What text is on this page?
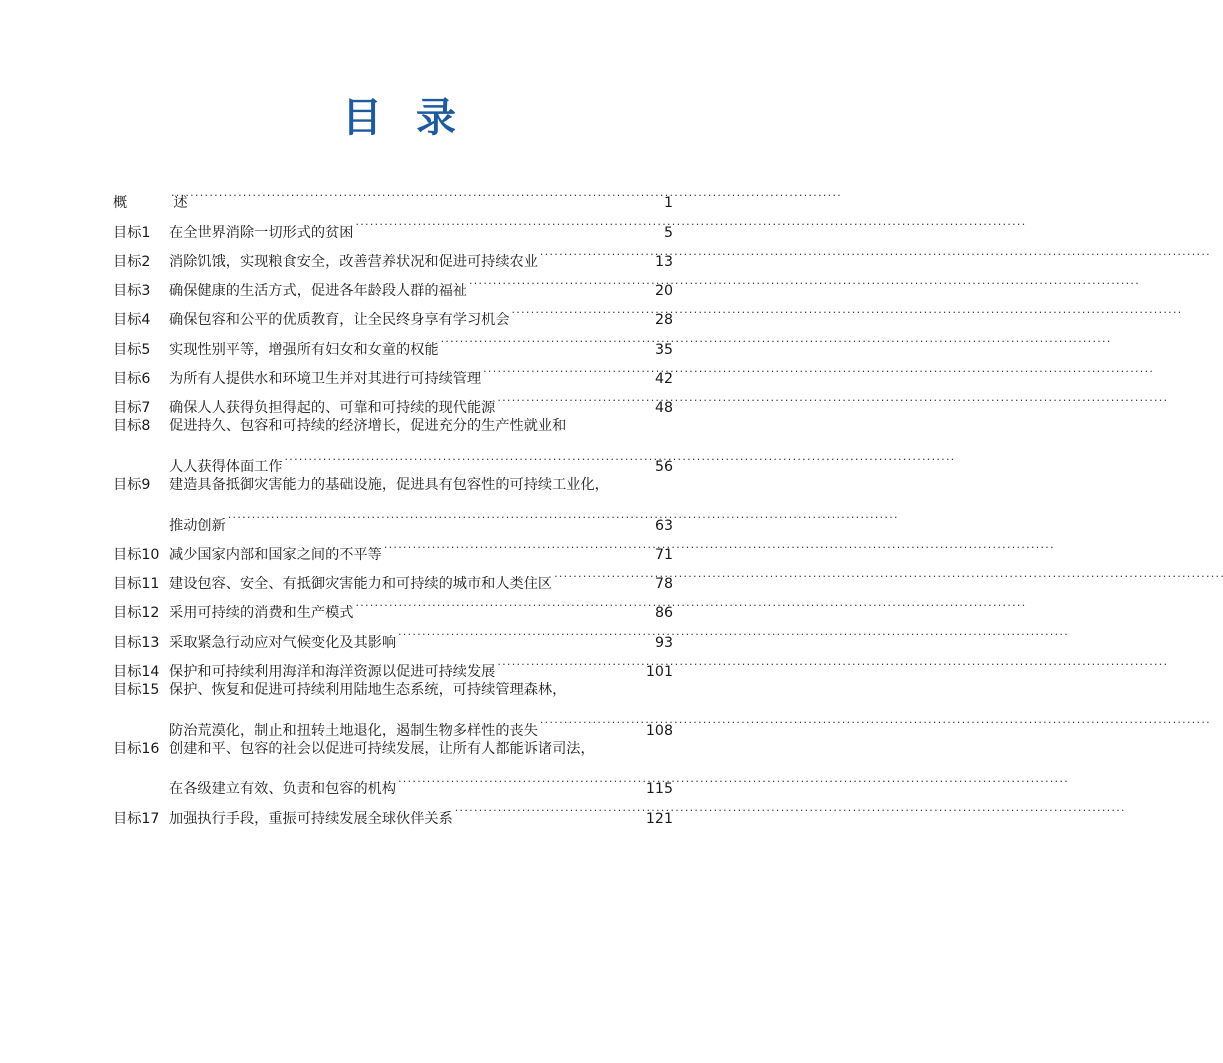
目 录
概　述 . . .	1
目标1	在全世界消除一切形式的贫困 . . .	5
目标2	消除饥饿，实现粮食安全，改善营养状况和促进可持续农业 . . .	13
目标3	确保健康的生活方式，促进各年龄段人群的福祉 . . .	20
目标4	确保包容和公平的优质教育，让全民终身享有学习机会 . . .	28
目标5	实现性别平等，增强所有妇女和女童的权能 . . .	35
目标6	为所有人提供水和环境卫生并对其进行可持续管理 . . .	42
目标7	确保人人获得负担得起的、可靠和可持续的现代能源 . . .	48
目标8	促进持久、包容和可持续的经济增长，促进充分的生产性就业和
人人获得体面工作 . . .	56
目标9	建造具备抵御灾害能力的基础设施，促进具有包容性的可持续工业化，
推动创新 . . .	63
目标10 减少国家内部和国家之间的不平等 . . .	71
目标11 建设包容、安全、有抵御灾害能力和可持续的城市和人类住区 . . .	78
目标12 采用可持续的消费和生产模式 . . .	86
目标13 采取紧急行动应对气候变化及其影响 . . .	93
目标14 保护和可持续利用海洋和海洋资源以促进可持续发展 . . .	101
目标15 保护、恢复和促进可持续利用陆地生态系统，可持续管理森林，
防治荒漠化，制止和扭转土地退化，遏制生物多样性的丧失 . . .	108
目标16 创建和平、包容的社会以促进可持续发展，让所有人都能诉诸司法，
在各级建立有效、负责和包容的机构 . . .	115
目标17 加强执行手段，重振可持续发展全球伙伴关系 . . .	121
